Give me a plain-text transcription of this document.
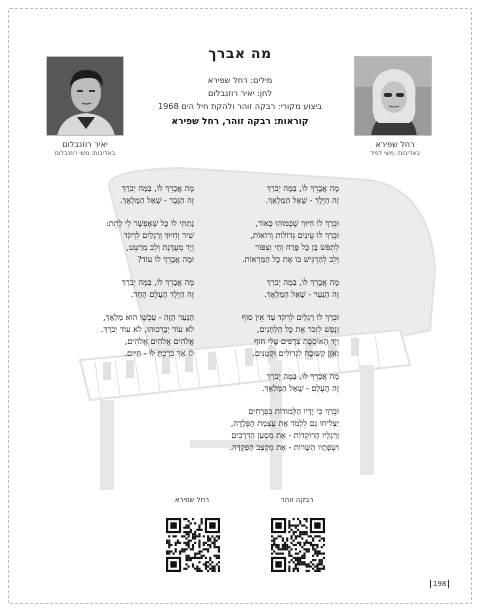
יאיר רוזנבלום
באדיבות: משי רוזנבלום
רחל שפירא
באדיבות: משי לפיד
מה אברך
מילים: רחל שפירא
לחן: יאיר רוזנבלום
ביצוע מקורי: רבקה זוהר ולהקת חיל הים 1968
קוראות: רבקה זוהר, רחל שפירא
מָה אֲבָרֵךְ לוֹ, בַּמָּה יְבֹרַךְ
זֶה הַיֶּלֶד - שָׁאַל הַמַּלְאָךְ.
וּבֵרַךְ לוֹ חִיּוּךְ שֶׁכְּמוֹהוּ כָּאוֹר,
וּבֵרַךְ לוֹ עֵינַיִם גְּדוֹלוֹת וְרוֹאוֹת,
לִתְפֹּשׂ בָּן כָּל פֶּרַח וְחַי וְצִפּוֹר
וְלֵב לְהַרְגִּישׁ בּוֹ אֶת כָּל הַמַּרְאוֹת.
מָה אֲבָרֵךְ לוֹ, בַּמָּה יְבֹרַךְ
זֶה הַנַּעַר - שָׁאַל הַמַּלְאָךְ.
וּבֵרַךְ לוֹ רַגְלַיִם לִרְקֹד עַד אֵין סוֹף
וְנֶפֶשׁ לִזְכֹּר אֶת כָּל הַלְּחָנִים,
וְיָד הָאוֹסֶפֶת צְדָפִים עֲלֵי חוֹף
וְאֹזֶן קַשּׁוּבָה לִגְדוֹלִים וּקְטַנִּים.
מָה אֲבָרֵךְ לוֹ, בַּמָּה יְבֹרַךְ
זֶה הָעֶלֶם - שָׁאַל הַמַּלְאָךְ.
וּבֵרַךְ כִּי יָדָיו הַלְּמוּדוֹת בִּפְרָחִים
יַצְלִיחוּ גַּם לִלְמֹד אֶת עָצְמַת הַפְּלָדָה,
וְרַגְלָיו הָרוֹקְדוֹת - אֶת מִסְעַן הַדְּרָכִים
וּשְׂפָתָיו הַשָּׁרוֹת - אֶת מִקְצַב הַפְּקֻדָּה.
מָה אֲבָרֵךְ לוֹ, בַּמָּה יְבֹרַךְ
זֶה הַגֶּבֶר - שָׁאַל הַמַּלְאָךְ.
נָתַתִּי לוֹ כָּל שֶׁאֶפְשָׁר לִי לָתֵת:
שִׁיר וְחִיּוּךְ וְרַגְלַיִם לִרְקֹד
וְיָד מְעֻדֶּנֶת וְלֵב מְרַטֵּט,
וּמָה אֲבָרֵךְ לוֹ עוֹד?
מָה אֲבָרֵךְ לוֹ, בַּמָּה יְבֹרַךְ
זֶה הַיֶּלֶד הָעֶלֶם הֶחָד.
הַנַּעַר הַזֶּה - עַכְשָׁו הוּא מַלְאָךְ,
לֹא עוֹד יְבָרְכוּהוּ, לֹא עוֹד יְבֹרַךְ.
אֱלֹהִים אֱלֹהִים אֱלֹהִים,
לוּ אַךְ בֵּרַכְתָּ לוֹ - חַיִּים.
רחל שפירא	רבקה זוהר
198
